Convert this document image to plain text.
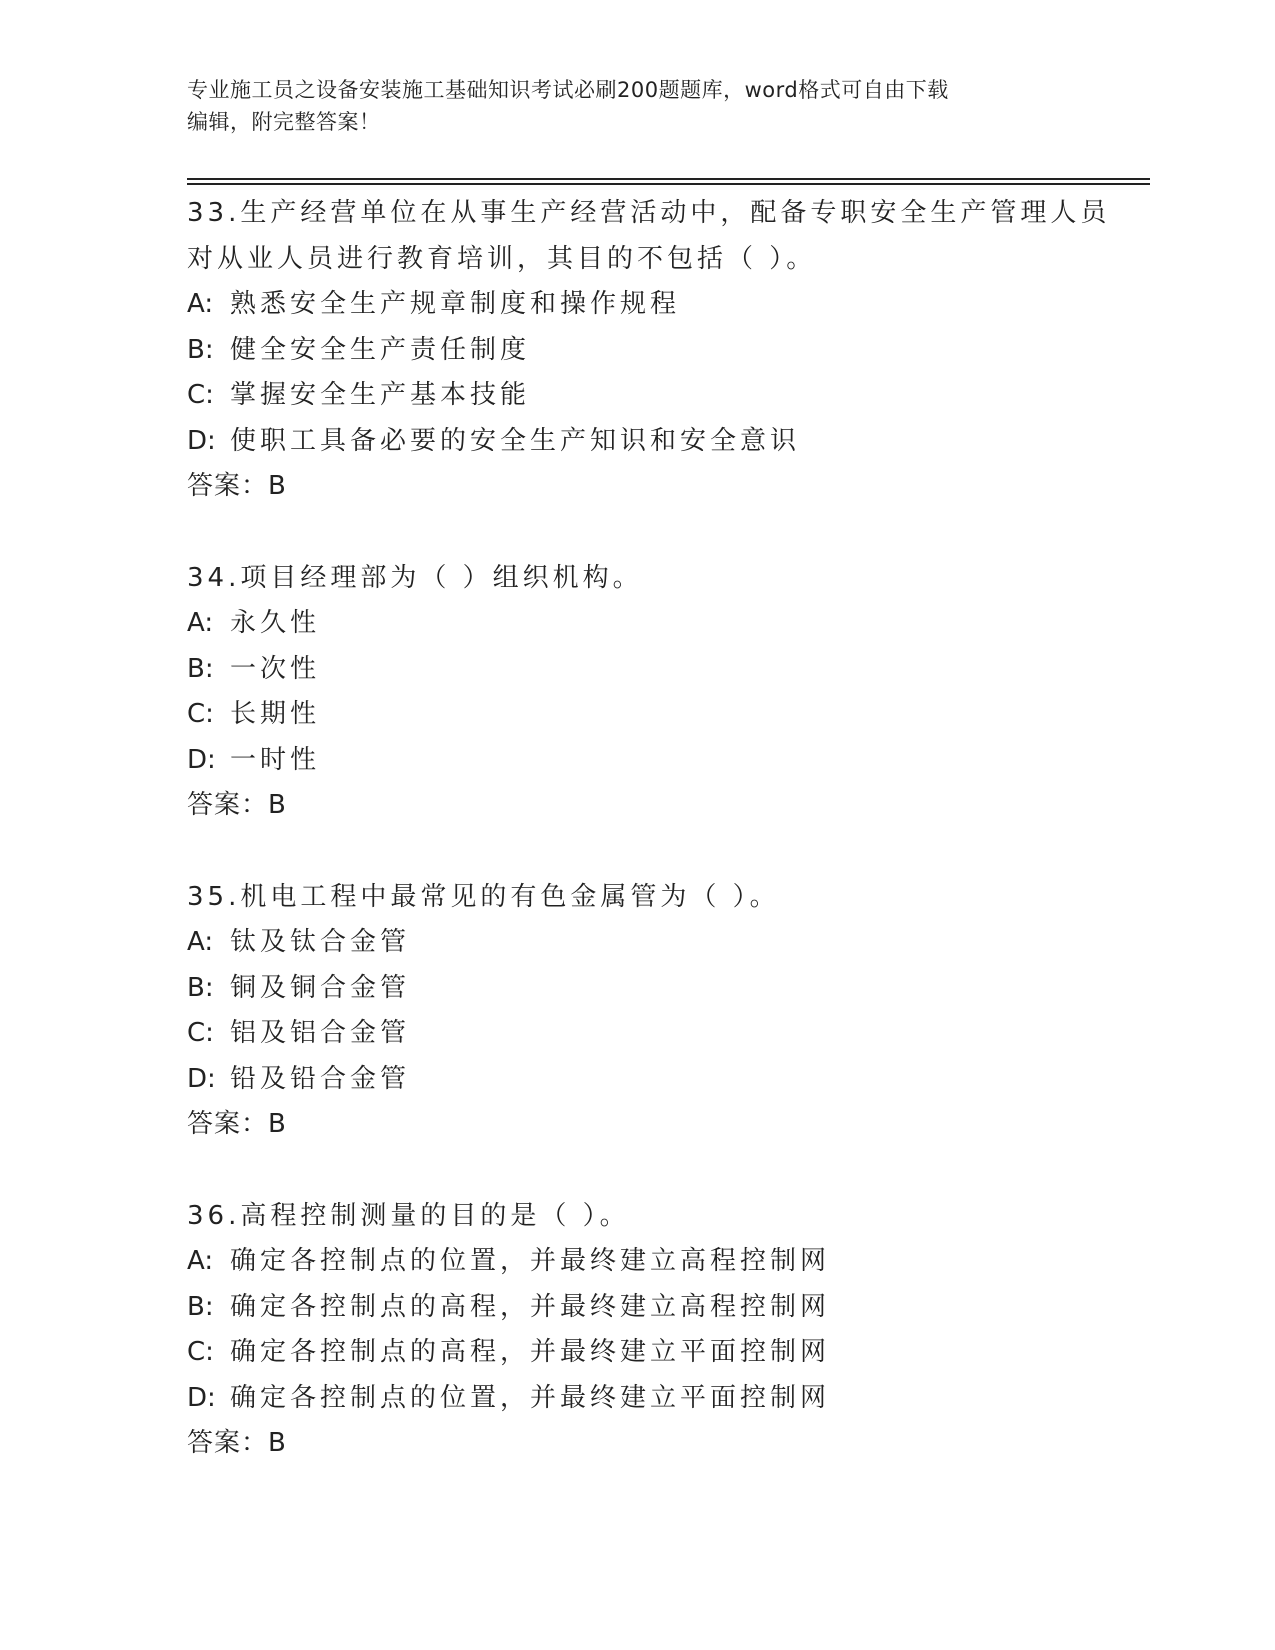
专业施工员之设备安装施工基础知识考试必刷200题题库，word格式可自由下载
编辑，附完整答案！
33.生产经营单位在从事生产经营活动中，配备专职安全生产管理人员
对从业人员进行教育培训，其目的不包括（ ）。
A: 熟悉安全生产规章制度和操作规程
B: 健全安全生产责任制度
C: 掌握安全生产基本技能
D: 使职工具备必要的安全生产知识和安全意识
答案：B
34.项目经理部为（ ）组织机构。
A: 永久性
B: 一次性
C: 长期性
D: 一时性
答案：B
35.机电工程中最常见的有色金属管为（ ）。
A: 钛及钛合金管
B: 铜及铜合金管
C: 铝及铝合金管
D: 铅及铅合金管
答案：B
36.高程控制测量的目的是（ ）。
A: 确定各控制点的位置，并最终建立高程控制网
B: 确定各控制点的高程，并最终建立高程控制网
C: 确定各控制点的高程，并最终建立平面控制网
D: 确定各控制点的位置，并最终建立平面控制网
答案：B
